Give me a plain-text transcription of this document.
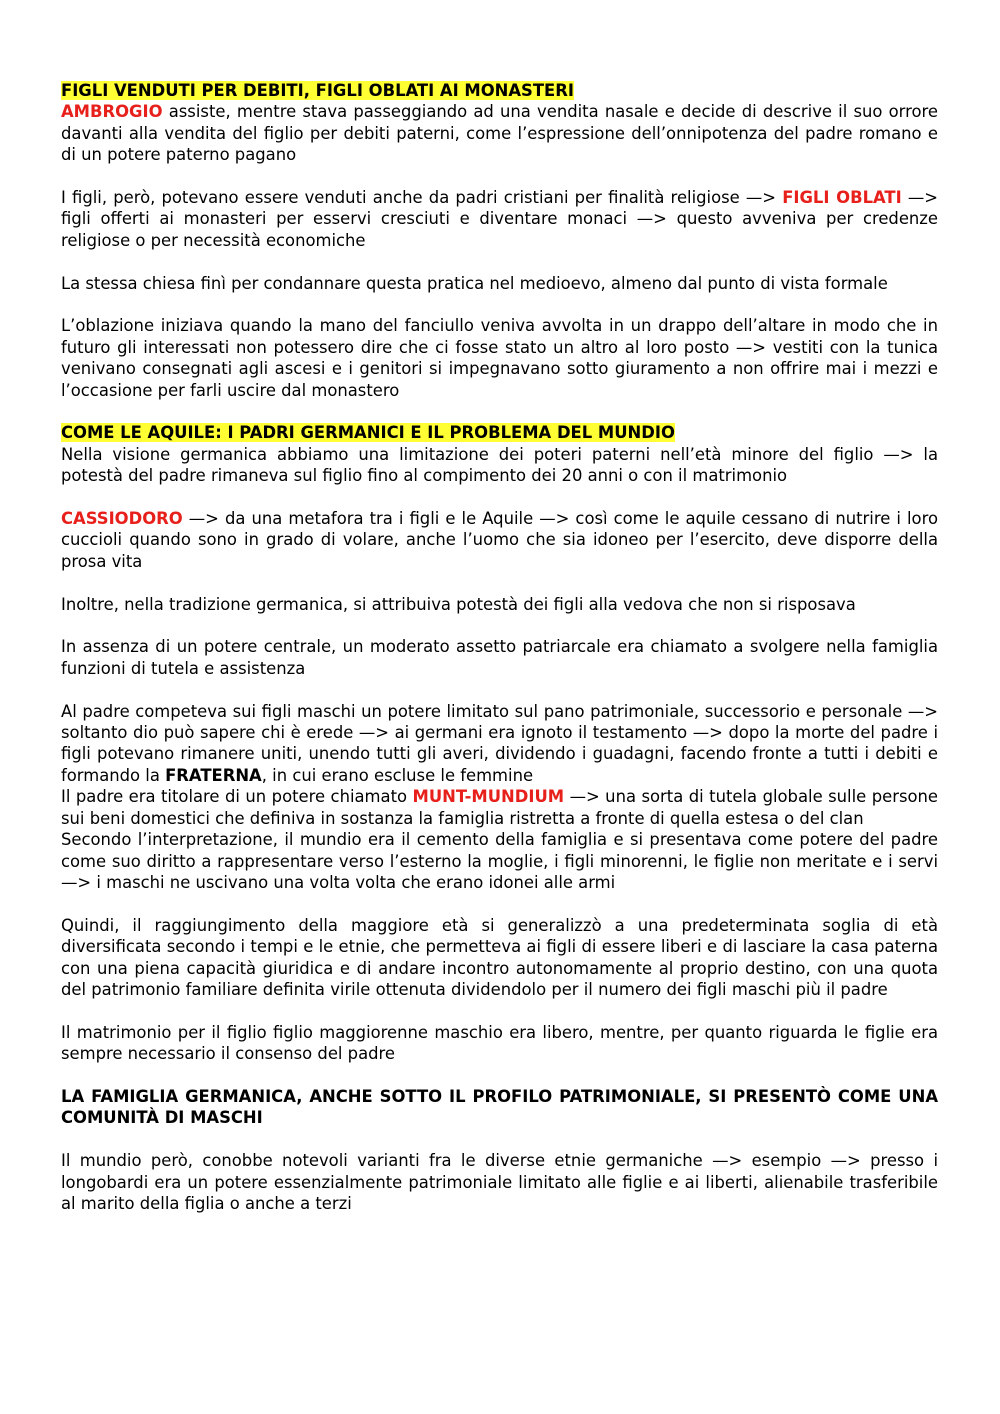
FIGLI VENDUTI PER DEBITI, FIGLI OBLATI AI MONASTERI

AMBROGIO assiste, mentre stava passeggiando ad una vendita nasale e decide di descrive il suo orrore davanti alla vendita del figlio per debiti paterni, come l’espressione dell’onnipotenza del padre romano e di un potere paterno pagano

I figli, però, potevano essere venduti anche da padri cristiani per finalità religiose —> FIGLI OBLATI —> figli offerti ai monasteri per esservi cresciuti e diventare monaci —> questo avveniva per credenze religiose o per necessità economiche

La stessa chiesa finì per condannare questa pratica nel medioevo, almeno dal punto di vista formale

L’oblazione iniziava quando la mano del fanciullo veniva avvolta in un drappo dell’altare in modo che in futuro gli interessati non potessero dire che ci fosse stato un altro al loro posto —> vestiti con la tunica venivano consegnati agli ascesi e i genitori si impegnavano sotto giuramento a non offrire mai i mezzi e l’occasione per farli uscire dal monastero

COME LE AQUILE: I PADRI GERMANICI E IL PROBLEMA DEL MUNDIO

Nella visione germanica abbiamo una limitazione dei poteri paterni nell’età minore del figlio —> la potestà del padre rimaneva sul figlio fino al compimento dei 20 anni o con il matrimonio

CASSIODORO —> da una metafora tra i figli e le Aquile —> così come le aquile cessano di nutrire i loro cuccioli quando sono in grado di volare, anche l’uomo che sia idoneo per l’esercito, deve disporre della prosa vita

Inoltre, nella tradizione germanica, si attribuiva potestà dei figli alla vedova che non si risposava

In assenza di un potere centrale, un moderato assetto patriarcale era chiamato a svolgere nella famiglia funzioni di tutela e assistenza

Al padre competeva sui figli maschi un potere limitato sul pano patrimoniale, successorio e personale —> soltanto dio può sapere chi è erede —> ai germani era ignoto il testamento —> dopo la morte del padre i figli potevano rimanere uniti, unendo tutti gli averi, dividendo i guadagni, facendo fronte a tutti i debiti e formando la FRATERNA, in cui erano escluse le femmine

Il padre era titolare di un potere chiamato MUNT-MUNDIUM —> una sorta di tutela globale sulle persone sui beni domestici che definiva in sostanza la famiglia ristretta a fronte di quella estesa o del clan

Secondo l’interpretazione, il mundio era il cemento della famiglia e si presentava come potere del padre come suo diritto a rappresentare verso l’esterno la moglie, i figli minorenni, le figlie non meritate e i servi —> i maschi ne uscivano una volta volta che erano idonei alle armi

Quindi, il raggiungimento della maggiore età si generalizzò a una predeterminata soglia di età diversificata secondo i tempi e le etnie, che permetteva ai figli di essere liberi e di lasciare la casa paterna con una piena capacità giuridica e di andare incontro autonomamente al proprio destino, con una quota del patrimonio familiare definita virile ottenuta dividendolo per il numero dei figli maschi più il padre

Il matrimonio per il figlio figlio maggiorenne maschio era libero, mentre, per quanto riguarda le figlie era sempre necessario il consenso del padre

LA FAMIGLIA GERMANICA, ANCHE SOTTO IL PROFILO PATRIMONIALE, SI PRESENTÒ COME UNA COMUNITÀ DI MASCHI

Il mundio però, conobbe notevoli varianti fra le diverse etnie germaniche —> esempio —> presso i longobardi era un potere essenzialmente patrimoniale limitato alle figlie e ai liberti, alienabile trasferibile al marito della figlia o anche a terzi
